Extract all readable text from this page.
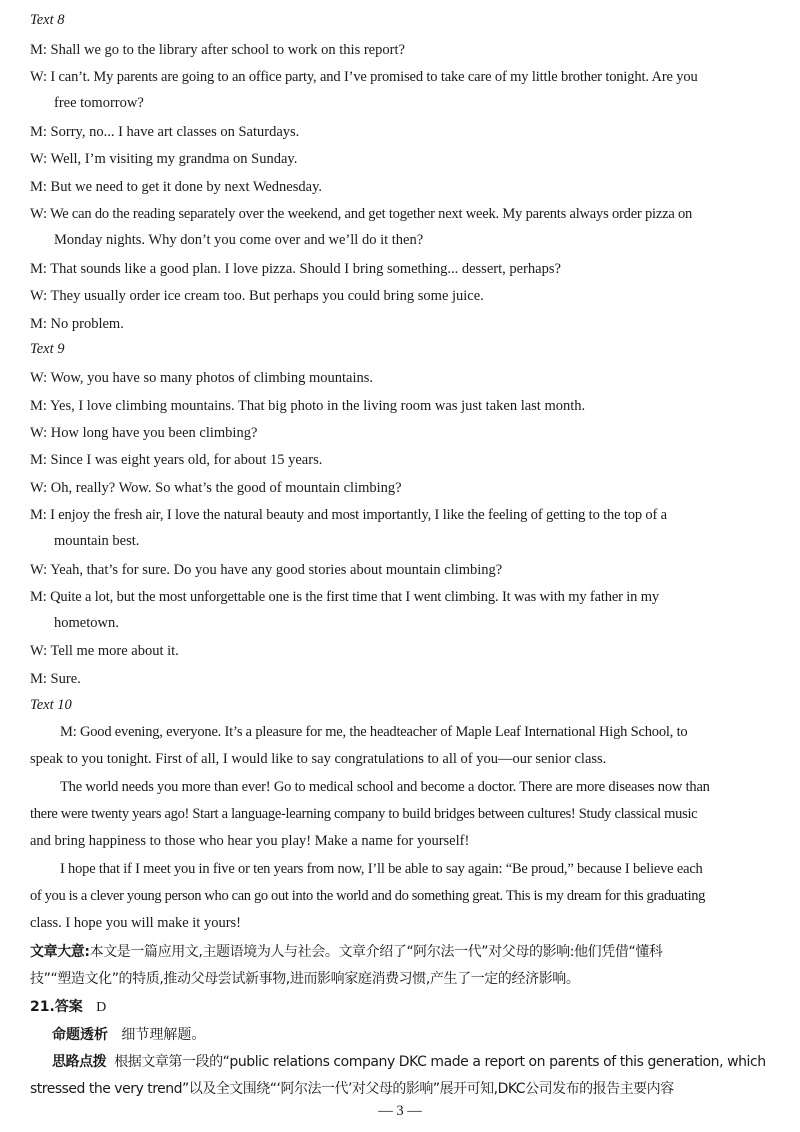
Text 8
M: Shall we go to the library after school to work on this report?
W: I can’t. My parents are going to an office party, and I’ve promised to take care of my little brother tonight. Are you
free tomorrow?
M: Sorry, no... I have art classes on Saturdays.
W: Well, I’m visiting my grandma on Sunday.
M: But we need to get it done by next Wednesday.
W: We can do the reading separately over the weekend, and get together next week. My parents always order pizza on
Monday nights. Why don’t you come over and we’ll do it then?
M: That sounds like a good plan. I love pizza. Should I bring something... dessert, perhaps?
W: They usually order ice cream too. But perhaps you could bring some juice.
M: No problem.
Text 9
W: Wow, you have so many photos of climbing mountains.
M: Yes, I love climbing mountains. That big photo in the living room was just taken last month.
W: How long have you been climbing?
M: Since I was eight years old, for about 15 years.
W: Oh, really? Wow. So what’s the good of mountain climbing?
M: I enjoy the fresh air, I love the natural beauty and most importantly, I like the feeling of getting to the top of a
mountain best.
W: Yeah, that’s for sure. Do you have any good stories about mountain climbing?
M: Quite a lot, but the most unforgettable one is the first time that I went climbing. It was with my father in my
hometown.
W: Tell me more about it.
M: Sure.
Text 10
M: Good evening, everyone. It’s a pleasure for me, the headteacher of Maple Leaf International High School, to
speak to you tonight. First of all, I would like to say congratulations to all of you—our senior class.
The world needs you more than ever! Go to medical school and become a doctor. There are more diseases now than
there were twenty years ago! Start a language-learning company to build bridges between cultures! Study classical music
and bring happiness to those who hear you play! Make a name for yourself!
I hope that if I meet you in five or ten years from now, I’ll be able to say again: “Be proud,” because I believe each
of you is a clever young person who can go out into the world and do something great. This is my dream for this graduating
class. I hope you will make it yours!
文章大意:本文是一篇应用文,主题语境为人与社会。文章介绍了“阿尔法一代”对父母的影响:他们凭借“懂科
技”“塑造文化”的特质,推动父母尝试新事物,进而影响家庭消费习惯,产生了一定的经济影响。
21.答案 D
命题透析 细节理解题。
思路点拨 根据文章第一段的“public relations company DKC made a report on parents of this generation, which
stressed the very trend”以及全文围绕“‘阿尔法一代’对父母的影响”展开可知,DKC公司发布的报告主要内容
— 3 —
